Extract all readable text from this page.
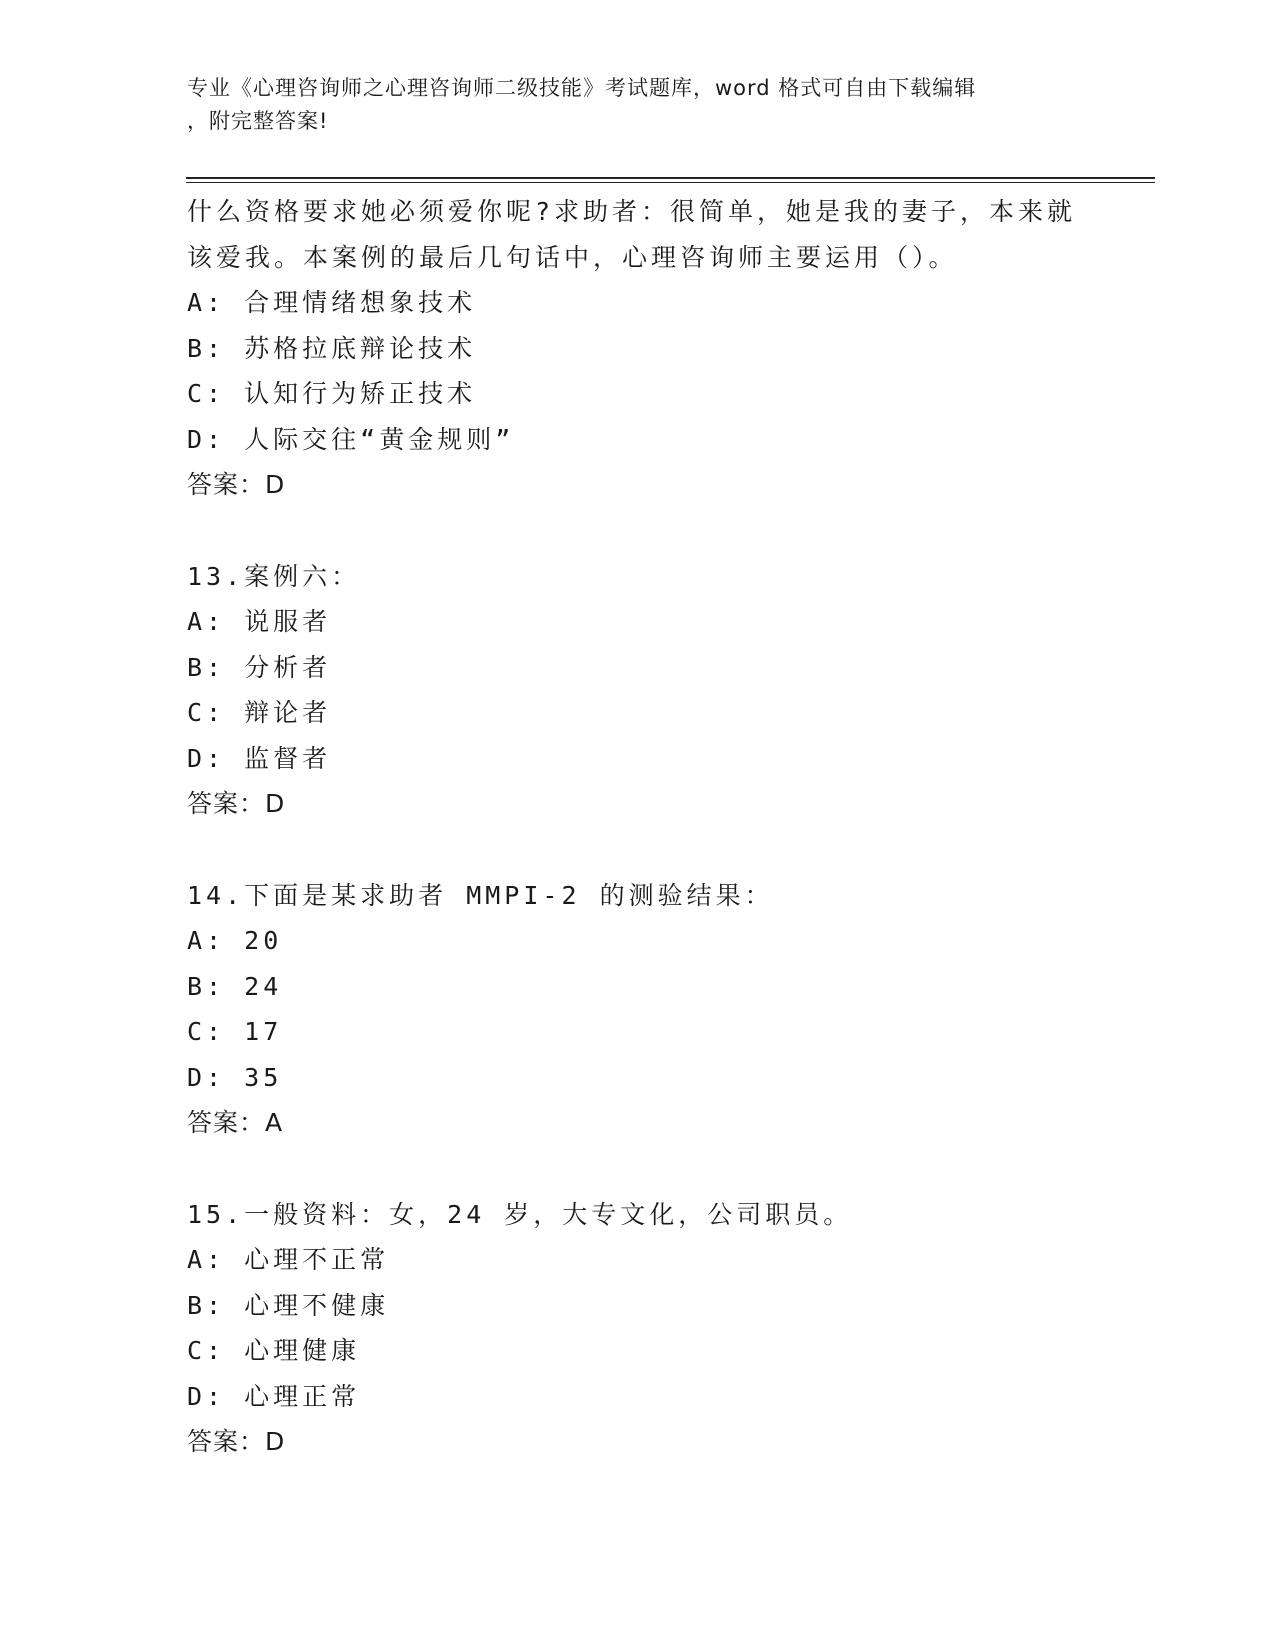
专业《心理咨询师之心理咨询师二级技能》考试题库，word 格式可自由下载编辑
，附完整答案!
什么资格要求她必须爱你呢?求助者：很简单，她是我的妻子，本来就
该爱我。本案例的最后几句话中，心理咨询师主要运用（）。
A: 合理情绪想象技术
B: 苏格拉底辩论技术
C: 认知行为矫正技术
D: 人际交往“黄金规则”
答案：D
13.案例六：
A: 说服者
B: 分析者
C: 辩论者
D: 监督者
答案：D
14.下面是某求助者 MMPI-2 的测验结果：
A: 20
B: 24
C: 17
D: 35
答案：A
15.一般资料：女，24 岁，大专文化，公司职员。
A: 心理不正常
B: 心理不健康
C: 心理健康
D: 心理正常
答案：D
